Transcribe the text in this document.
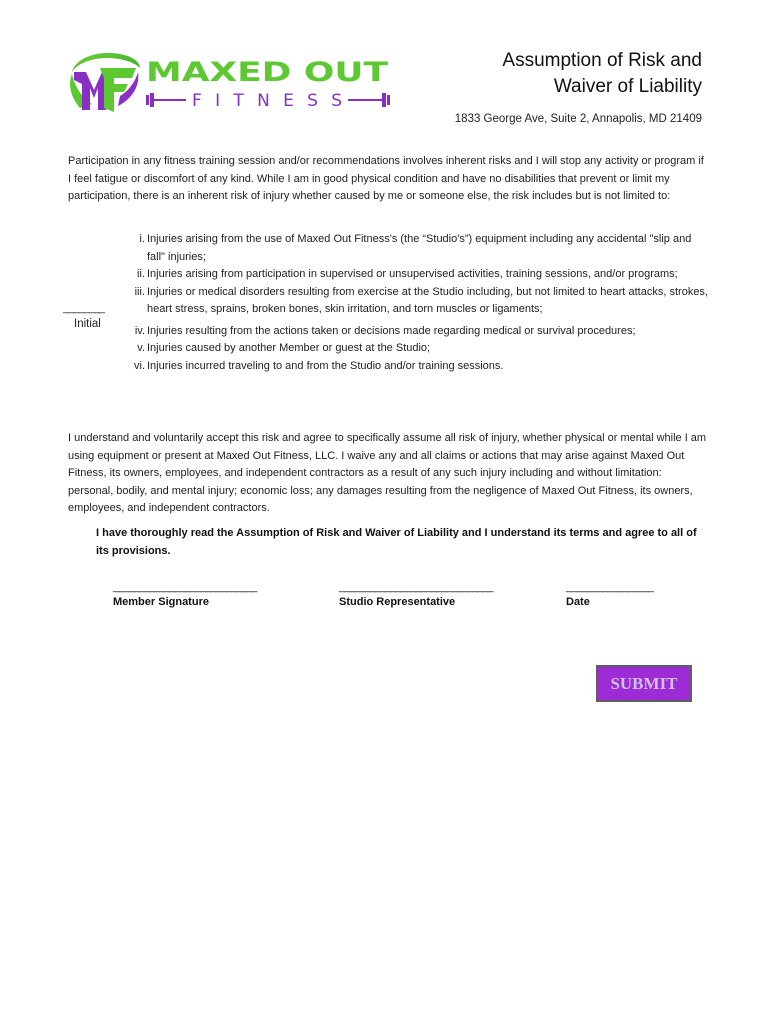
MAXED OUT
FITNESS
Assumption of Risk and
Waiver of Liability
1833 George Ave, Suite 2, Annapolis, MD 21409

Participation in any fitness training session and/or recommendations involves inherent risks and I will stop any activity or program if I feel fatigue or discomfort of any kind. While I am in good physical condition and have no disabilities that prevent or limit my participation, there is an inherent risk of injury whether caused by me or someone else, the risk includes but is not limited to:

i. Injuries arising from the use of Maxed Out Fitness's (the “Studio's”) equipment including any accidental "slip and fall" injuries;
ii. Injuries arising from participation in supervised or unsupervised activities, training sessions, and/or programs;
iii. Injuries or medical disorders resulting from exercise at the Studio including, but not limited to heart attacks, strokes, heart stress, sprains, broken bones, skin irritation, and torn muscles or ligaments;
iv. Injuries resulting from the actions taken or decisions made regarding medical or survival procedures;
v. Injuries caused by another Member or guest at the Studio;
vi. Injuries incurred traveling to and from the Studio and/or training sessions.
________
Initial

I understand and voluntarily accept this risk and agree to specifically assume all risk of injury, whether physical or mental while I am using equipment or present at Maxed Out Fitness, LLC. I waive any and all claims or actions that may arise against Maxed Out Fitness, its owners, employees, and independent contractors as a result of any such injury including and without limitation: personal, bodily, and mental injury; economic loss; any damages resulting from the negligence of Maxed Out Fitness, its owners, employees, and independent contractors.

I have thoroughly read the Assumption of Risk and Waiver of Liability and I understand its terms and agree to all of its provisions.
____________________________
Member Signature
______________________________
Studio Representative
_________________
Date
SUBMIT
